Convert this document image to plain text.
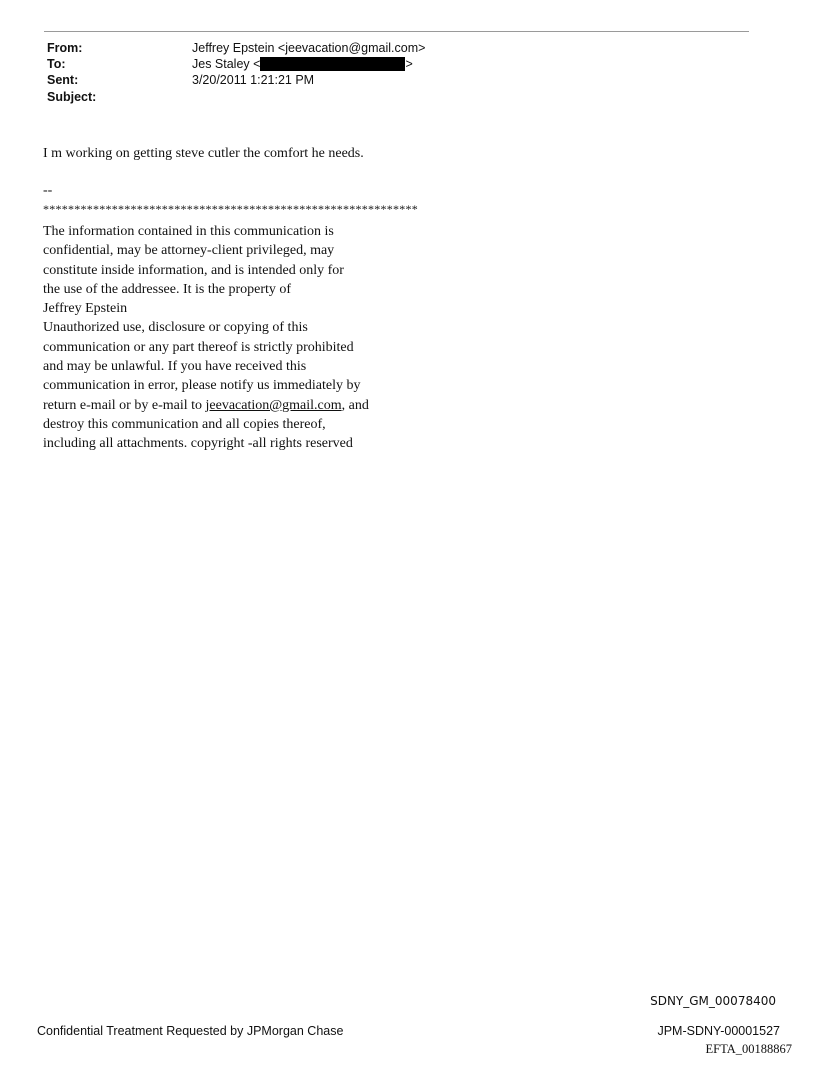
From:	Jeffrey Epstein <jeevacation@gmail.com>
To:	Jes Staley <	>
Sent:	3/20/2011 1:21:21 PM
Subject:
I m working on getting steve cutler the comfort he needs.
--
************************************************************
The information contained in this communication is
confidential, may be attorney-client privileged, may
constitute inside information, and is intended only for
the use of the addressee. It is the property of
Jeffrey Epstein
Unauthorized use, disclosure or copying of this
communication or any part thereof is strictly prohibited
and may be unlawful. If you have received this
communication in error, please notify us immediately by
return e-mail or by e-mail to jeevacation@gmail.com, and
destroy this communication and all copies thereof,
including all attachments. copyright -all rights reserved
SDNY_GM_00078400
Confidential Treatment Requested by JPMorgan Chase	JPM-SDNY-00001527
EFTA_00188867
